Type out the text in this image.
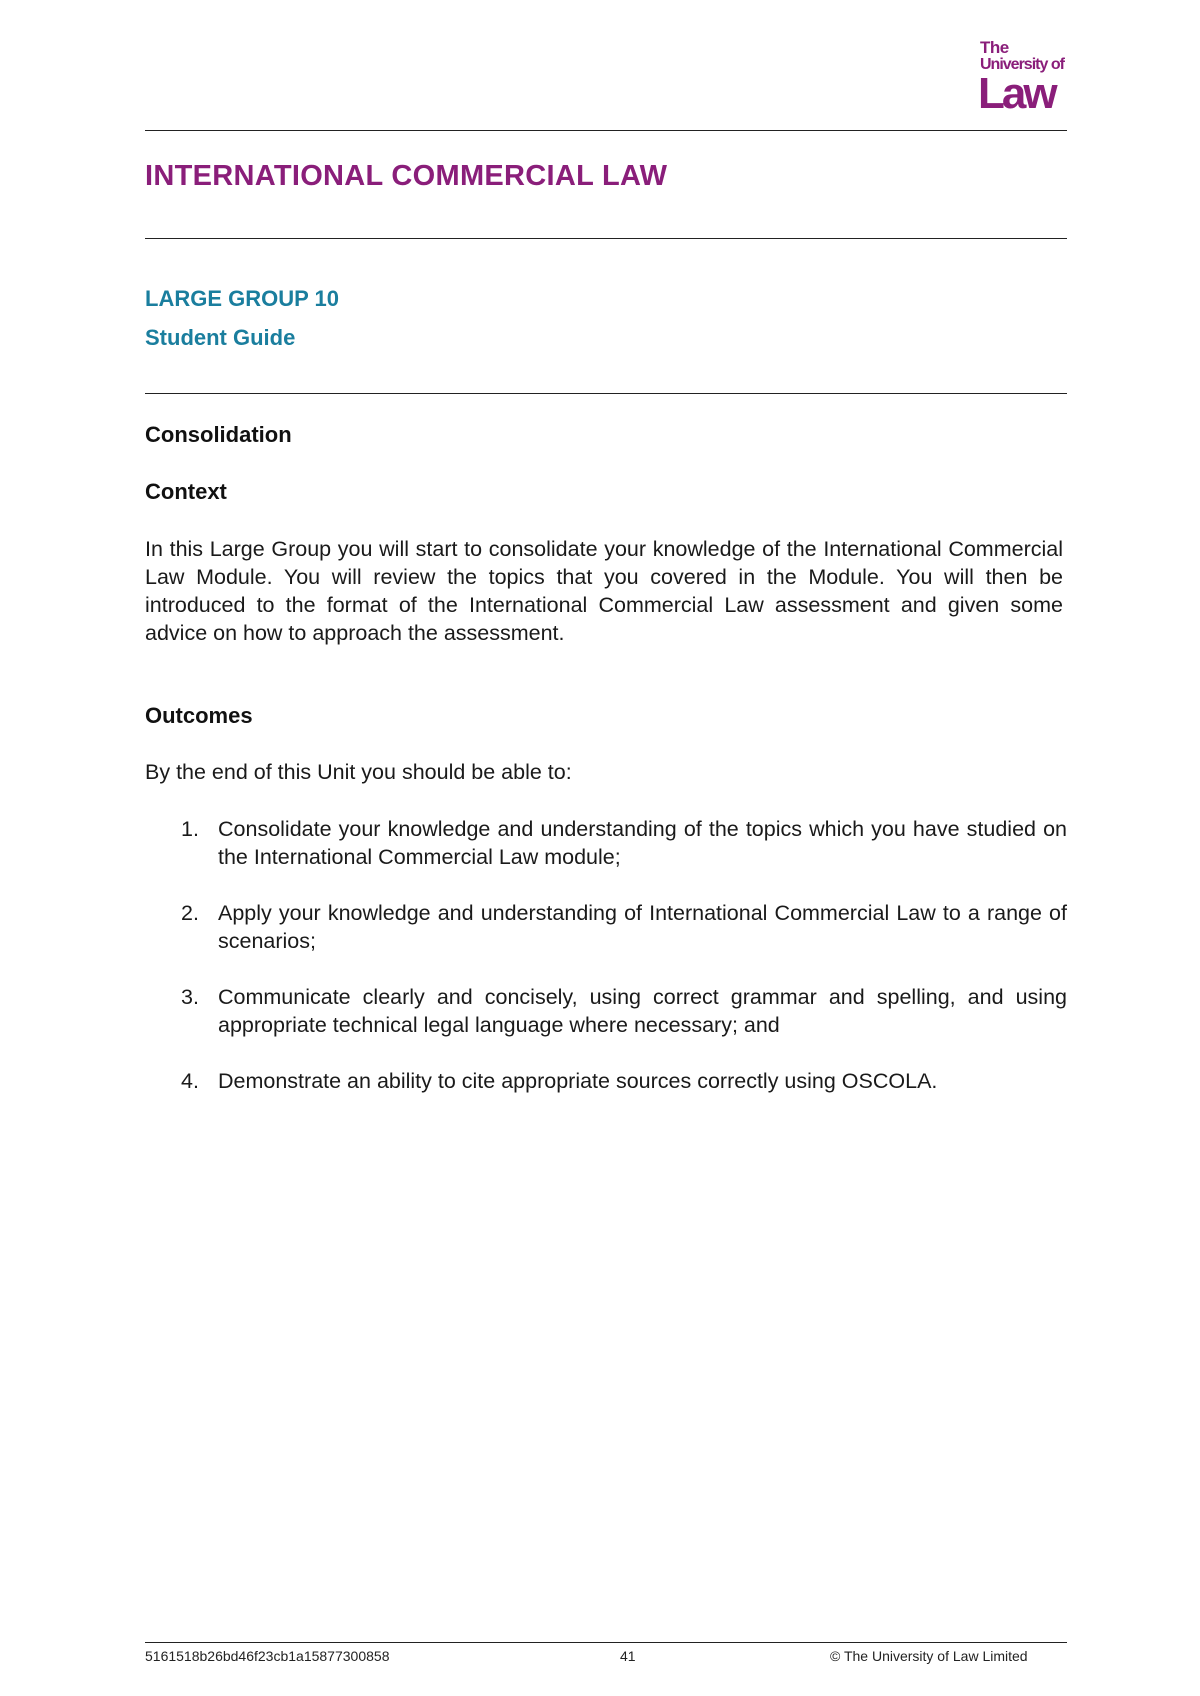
The
University of
Law
INTERNATIONAL COMMERCIAL LAW
LARGE GROUP 10
Student Guide
Consolidation
Context

In this Large Group you will start to consolidate your knowledge of the International Commercial Law Module. You will review the topics that you covered in the Module. You will then be introduced to the format of the International Commercial Law assessment and given some advice on how to approach the assessment.

Outcomes

By the end of this Unit you should be able to:

1. Consolidate your knowledge and understanding of the topics which you have studied on the International Commercial Law module;
2. Apply your knowledge and understanding of International Commercial Law to a range of scenarios;
3. Communicate clearly and concisely, using correct grammar and spelling, and using appropriate technical legal language where necessary; and
4. Demonstrate an ability to cite appropriate sources correctly using OSCOLA.
5161518b26bd46f23cb1a15877300858	41	© The University of Law Limited
